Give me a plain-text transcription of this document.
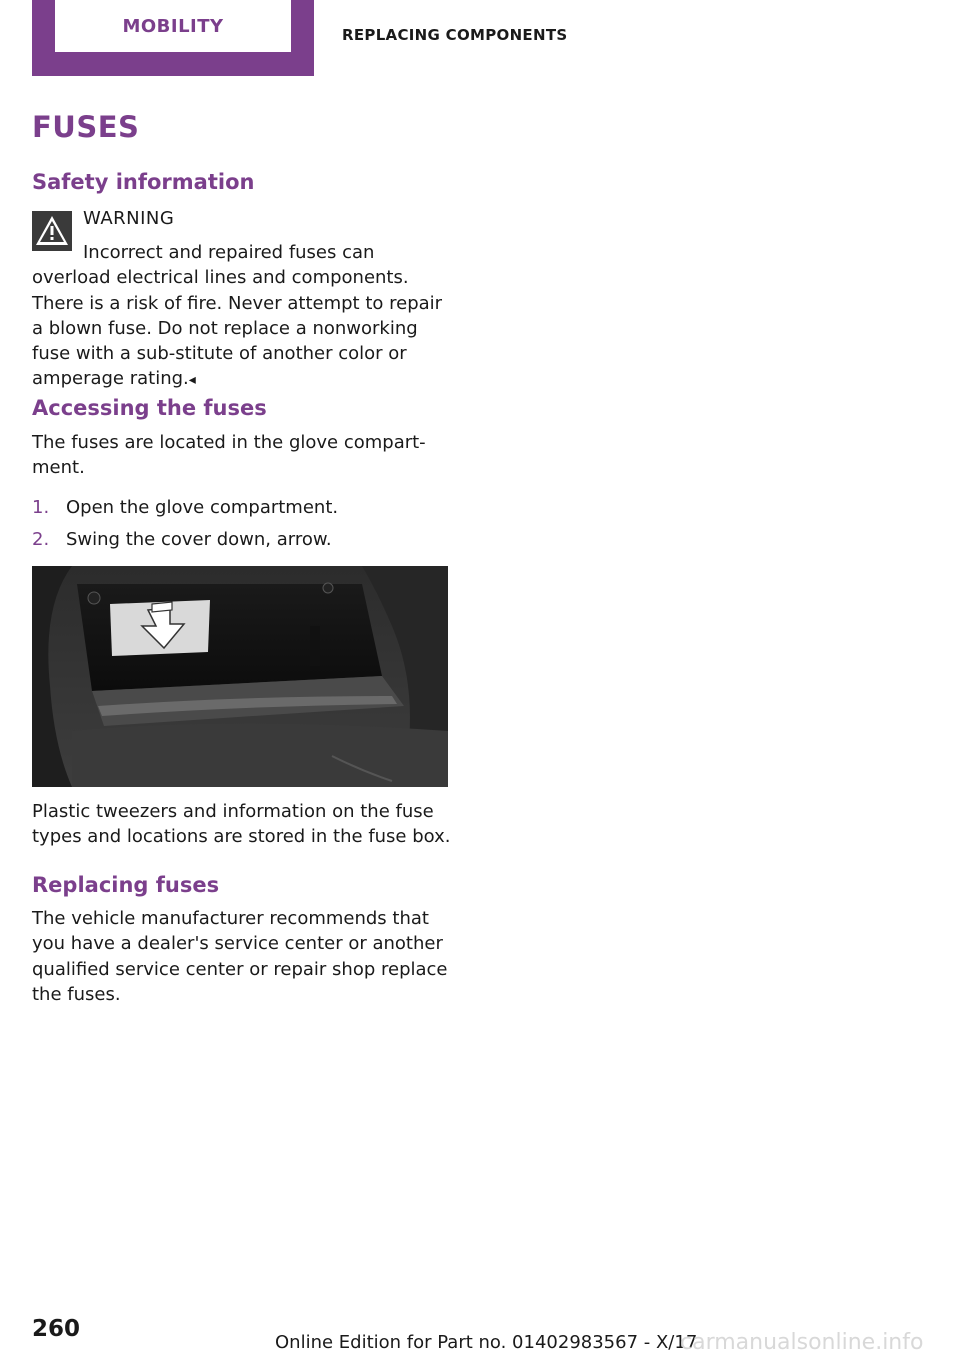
MOBILITY	REPLACING COMPONENTS
FUSES
Safety information
WARNING
Incorrect and repaired fuses can overload electrical lines and components. There is a risk of fire. Never attempt to repair a blown fuse. Do not replace a nonworking fuse with a sub-stitute of another color or amperage rating.◂
Accessing the fuses
The fuses are located in the glove compart-ment.
1. Open the glove compartment.
2. Swing the cover down, arrow.
Plastic tweezers and information on the fuse types and locations are stored in the fuse box.
Replacing fuses
The vehicle manufacturer recommends that you have a dealer's service center or another qualified service center or repair shop replace the fuses.
260
Online Edition for Part no. 01402983567 - X/17
carmanualsonline.info
